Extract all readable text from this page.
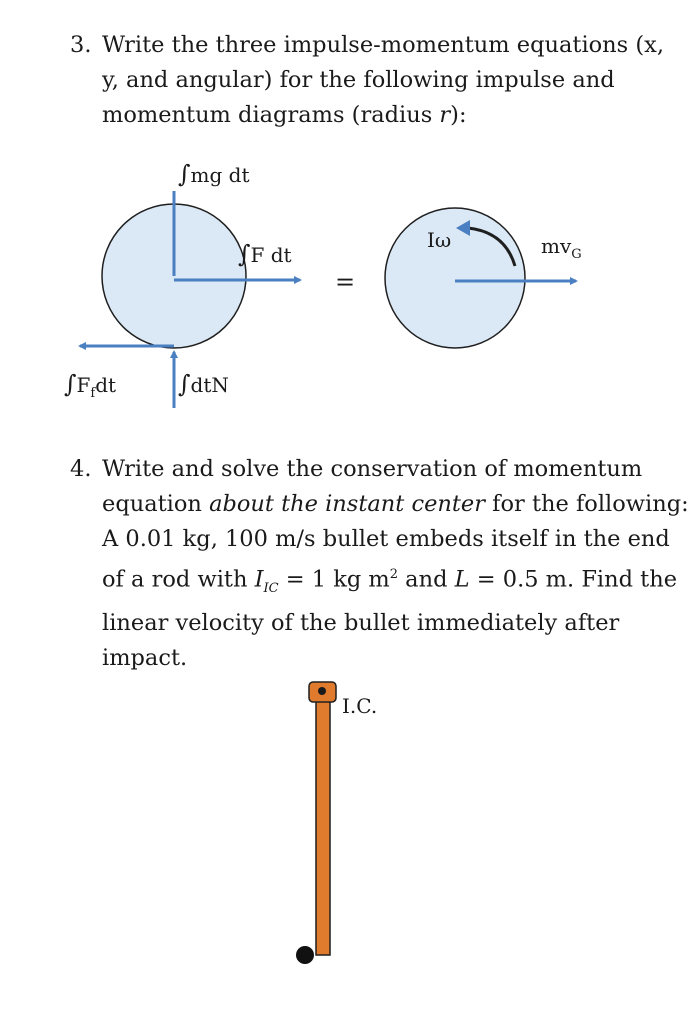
3. Write the three impulse-momentum equations (x,
y, and angular) for the following impulse and
momentum diagrams (radius r):
∫mg dt
∫F dt
$\int F_fdt$	∫dtN
=
Iω	$mv_G$
4. Write and solve the conservation of momentum
equation about the instant center for the following:
A 0.01 kg, 100 m/s bullet embeds itself in the end
of a rod with $I_{IC} = 1$ kg $m^2$ and L = 0.5 m. Find the
linear velocity of the bullet immediately after
impact.
I.C.
